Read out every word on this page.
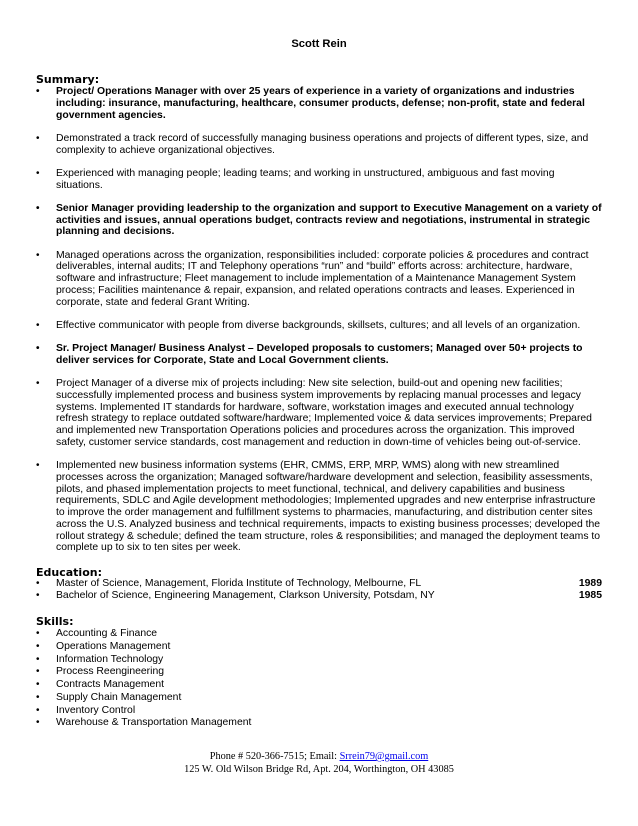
Scott Rein
Summary:
• Project/ Operations Manager with over 25 years of experience in a variety of organizations and industries including: insurance, manufacturing, healthcare, consumer products, defense; non-profit, state and federal government agencies.
• Demonstrated a track record of successfully managing business operations and projects of different types, size, and complexity to achieve organizational objectives.
• Experienced with managing people; leading teams; and working in unstructured, ambiguous and fast moving situations.
• Senior Manager providing leadership to the organization and support to Executive Management on a variety of activities and issues, annual operations budget, contracts review and negotiations, instrumental in strategic planning and decisions.
• Managed operations across the organization, responsibilities included: corporate policies & procedures and contract deliverables, internal audits; IT and Telephony operations “run” and “build” efforts across: architecture, hardware, software and infrastructure; Fleet management to include implementation of a Maintenance Management System process; Facilities maintenance & repair, expansion, and related operations contracts and leases. Experienced in corporate, state and federal Grant Writing.
• Effective communicator with people from diverse backgrounds, skillsets, cultures; and all levels of an organization.
• Sr. Project Manager/ Business Analyst – Developed proposals to customers; Managed over 50+ projects to deliver services for Corporate, State and Local Government clients.
• Project Manager of a diverse mix of projects including: New site selection, build-out and opening new facilities; successfully implemented process and business system improvements by replacing manual processes and legacy systems. Implemented IT standards for hardware, software, workstation images and executed annual technology refresh strategy to replace outdated software/hardware; Implemented voice & data services improvements; Prepared and implemented new Transportation Operations policies and procedures across the organization. This improved safety, customer service standards, cost management and reduction in down-time of vehicles being out-of-service.
• Implemented new business information systems (EHR, CMMS, ERP, MRP, WMS) along with new streamlined processes across the organization; Managed software/hardware development and selection, feasibility assessments, pilots, and phased implementation projects to meet functional, technical, and delivery capabilities and business requirements, SDLC and Agile development methodologies; Implemented upgrades and new enterprise infrastructure to improve the order management and fulfillment systems to pharmacies, manufacturing, and distribution center sites across the U.S. Analyzed business and technical requirements, impacts to existing business processes; developed the rollout strategy & schedule; defined the team structure, roles & responsibilities; and managed the deployment teams to complete up to six to ten sites per week.
Education:
• Master of Science, Management, Florida Institute of Technology, Melbourne, FL	1989
• Bachelor of Science, Engineering Management, Clarkson University, Potsdam, NY	1985
Skills:
• Accounting & Finance
• Operations Management
• Information Technology
• Process Reengineering
• Contracts Management
• Supply Chain Management
• Inventory Control
• Warehouse & Transportation Management
Phone # 520-366-7515; Email: Srrein79@gmail.com
125 W. Old Wilson Bridge Rd, Apt. 204, Worthington, OH 43085
